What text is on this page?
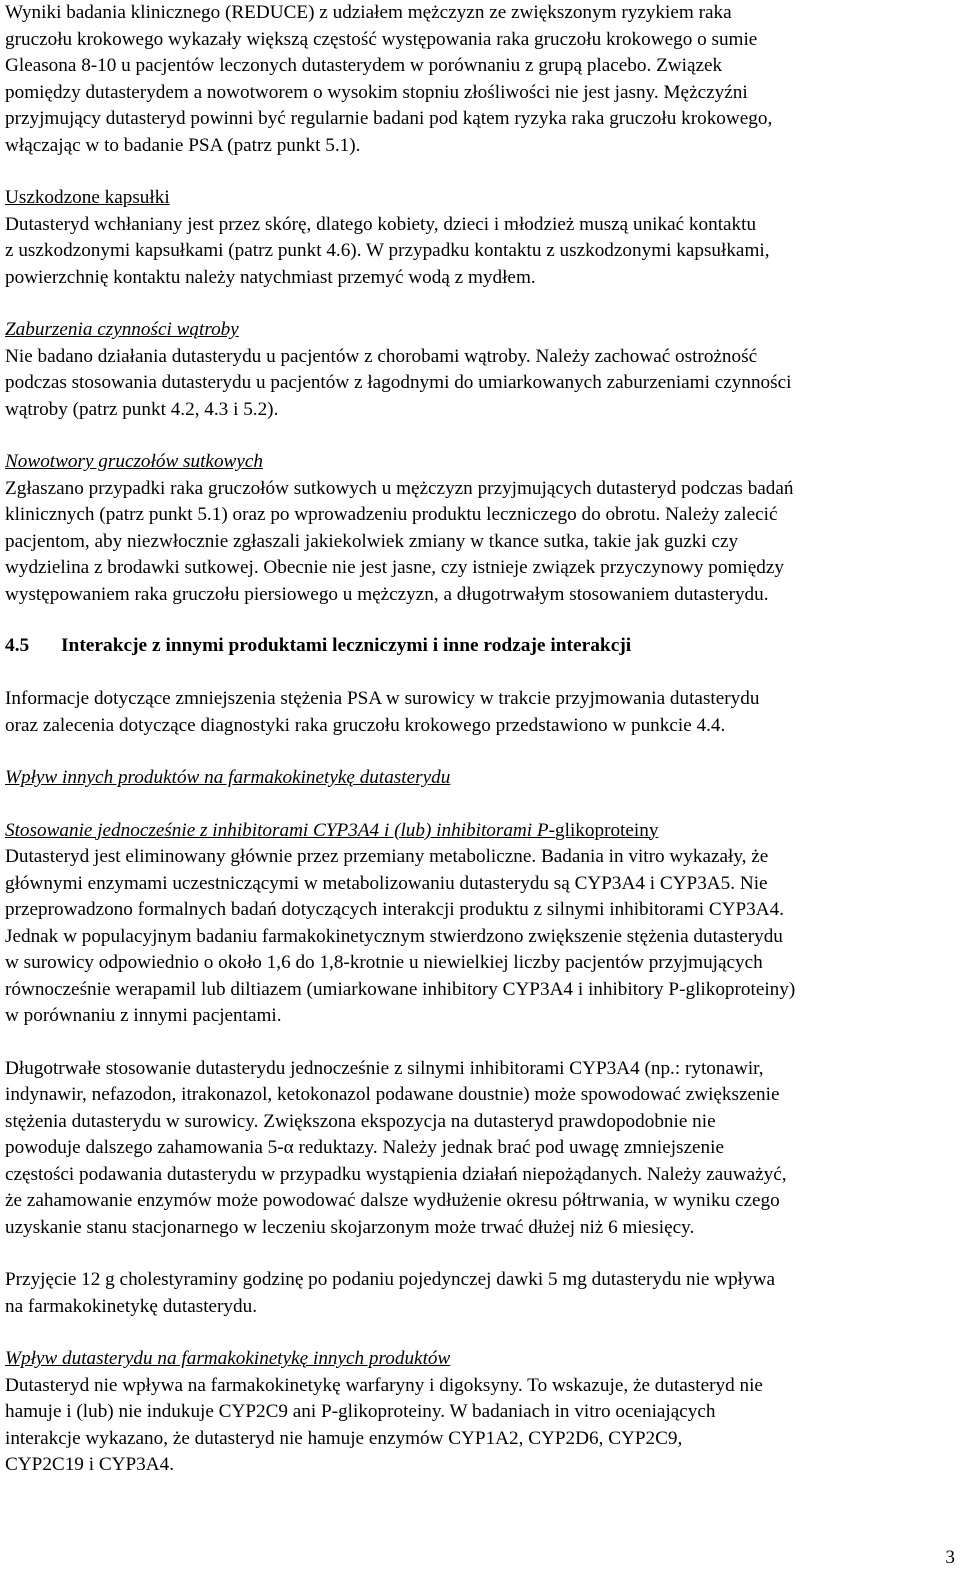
Wyniki badania klinicznego (REDUCE) z udziałem mężczyzn ze zwiększonym ryzykiem raka
gruczołu krokowego wykazały większą częstość występowania raka gruczołu krokowego o sumie
Gleasona 8-10 u pacjentów leczonych dutasterydem w porównaniu z grupą placebo. Związek
pomiędzy dutasterydem a nowotworem o wysokim stopniu złośliwości nie jest jasny. Mężczyźni
przyjmujący dutasteryd powinni być regularnie badani pod kątem ryzyka raka gruczołu krokowego,
włączając w to badanie PSA (patrz punkt 5.1).

Uszkodzone kapsułki
Dutasteryd wchłaniany jest przez skórę, dlatego kobiety, dzieci i młodzież muszą unikać kontaktu
z uszkodzonymi kapsułkami (patrz punkt 4.6). W przypadku kontaktu z uszkodzonymi kapsułkami,
powierzchnię kontaktu należy natychmiast przemyć wodą z mydłem.

Zaburzenia czynności wątroby
Nie badano działania dutasterydu u pacjentów z chorobami wątroby. Należy zachować ostrożność
podczas stosowania dutasterydu u pacjentów z łagodnymi do umiarkowanych zaburzeniami czynności
wątroby (patrz punkt 4.2, 4.3 i 5.2).

Nowotwory gruczołów sutkowych
Zgłaszano przypadki raka gruczołów sutkowych u mężczyzn przyjmujących dutasteryd podczas badań
klinicznych (patrz punkt 5.1) oraz po wprowadzeniu produktu leczniczego do obrotu. Należy zalecić
pacjentom, aby niezwłocznie zgłaszali jakiekolwiek zmiany w tkance sutka, takie jak guzki czy
wydzielina z brodawki sutkowej. Obecnie nie jest jasne, czy istnieje związek przyczynowy pomiędzy
występowaniem raka gruczołu piersiowego u mężczyzn, a długotrwałym stosowaniem dutasterydu.

4.5 Interakcje z innymi produktami leczniczymi i inne rodzaje interakcji

Informacje dotyczące zmniejszenia stężenia PSA w surowicy w trakcie przyjmowania dutasterydu
oraz zalecenia dotyczące diagnostyki raka gruczołu krokowego przedstawiono w punkcie 4.4.

Wpływ innych produktów na farmakokinetykę dutasterydu

Stosowanie jednocześnie z inhibitorami CYP3A4 i (lub) inhibitorami P-glikoproteiny
Dutasteryd jest eliminowany głównie przez przemiany metaboliczne. Badania in vitro wykazały, że
głównymi enzymami uczestniczącymi w metabolizowaniu dutasterydu są CYP3A4 i CYP3A5. Nie
przeprowadzono formalnych badań dotyczących interakcji produktu z silnymi inhibitorami CYP3A4.
Jednak w populacyjnym badaniu farmakokinetycznym stwierdzono zwiększenie stężenia dutasterydu
w surowicy odpowiednio o około 1,6 do 1,8-krotnie u niewielkiej liczby pacjentów przyjmujących
równocześnie werapamil lub diltiazem (umiarkowane inhibitory CYP3A4 i inhibitory P-glikoproteiny)
w porównaniu z innymi pacjentami.

Długotrwałe stosowanie dutasterydu jednocześnie z silnymi inhibitorami CYP3A4 (np.: rytonawir,
indynawir, nefazodon, itrakonazol, ketokonazol podawane doustnie) może spowodować zwiększenie
stężenia dutasterydu w surowicy. Zwiększona ekspozycja na dutasteryd prawdopodobnie nie
powoduje dalszego zahamowania 5-α reduktazy. Należy jednak brać pod uwagę zmniejszenie
częstości podawania dutasterydu w przypadku wystąpienia działań niepożądanych. Należy zauważyć,
że zahamowanie enzymów może powodować dalsze wydłużenie okresu półtrwania, w wyniku czego
uzyskanie stanu stacjonarnego w leczeniu skojarzonym może trwać dłużej niż 6 miesięcy.

Przyjęcie 12 g cholestyraminy godzinę po podaniu pojedynczej dawki 5 mg dutasterydu nie wpływa
na farmakokinetykę dutasterydu.

Wpływ dutasterydu na farmakokinetykę innych produktów
Dutasteryd nie wpływa na farmakokinetykę warfaryny i digoksyny. To wskazuje, że dutasteryd nie
hamuje i (lub) nie indukuje CYP2C9 ani P-glikoproteiny. W badaniach in vitro oceniających
interakcje wykazano, że dutasteryd nie hamuje enzymów CYP1A2, CYP2D6, CYP2C9,
CYP2C19 i CYP3A4.

3
